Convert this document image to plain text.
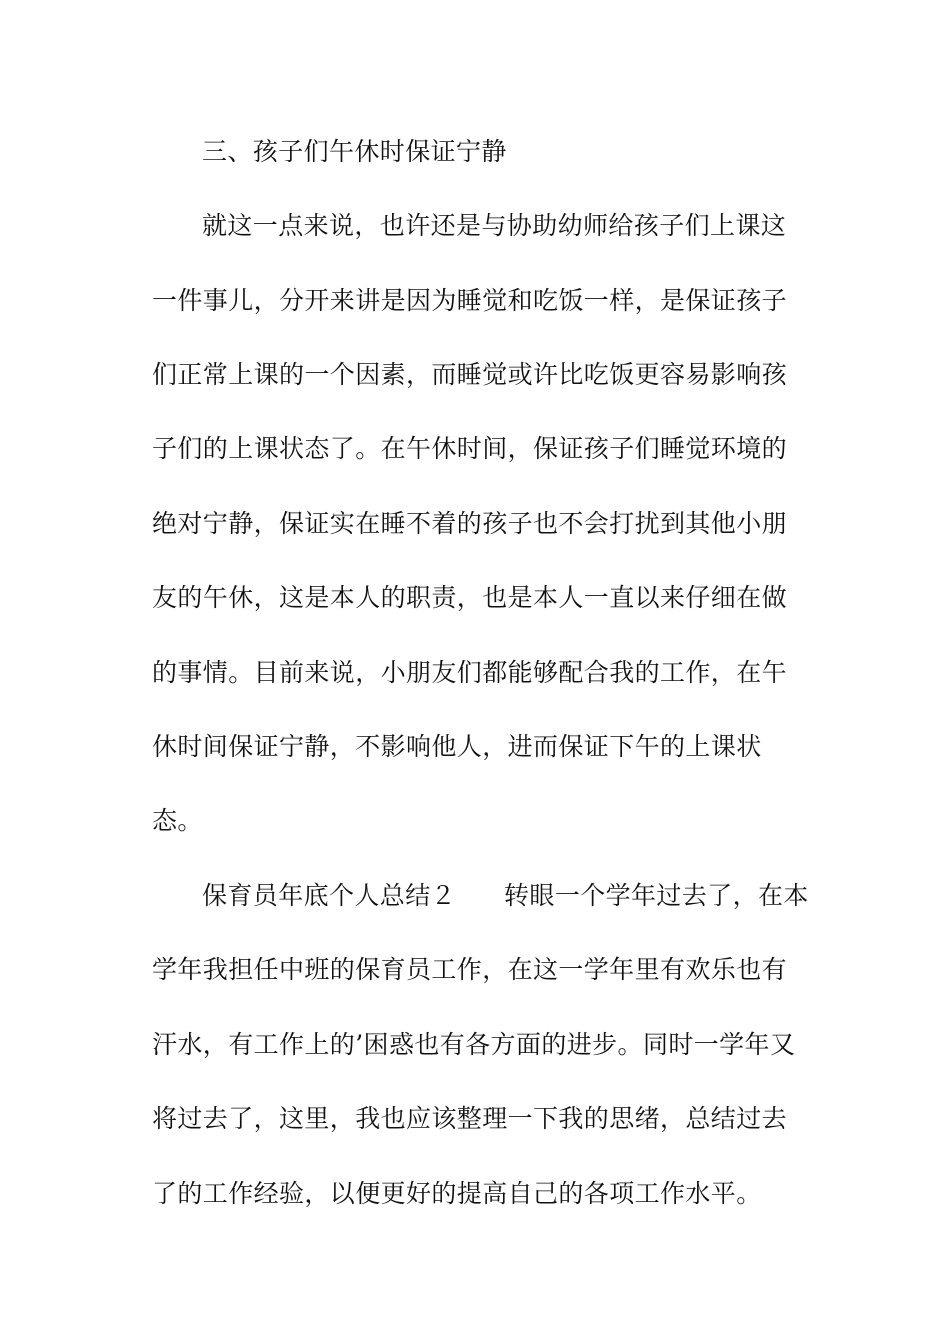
三、孩子们午休时保证宁静
就这一点来说，也许还是与协助幼师给孩子们上课这
一件事儿，分开来讲是因为睡觉和吃饭一样，是保证孩子
们正常上课的一个因素，而睡觉或许比吃饭更容易影响孩
子们的上课状态了。在午休时间，保证孩子们睡觉环境的
绝对宁静，保证实在睡不着的孩子也不会打扰到其他小朋
友的午休，这是本人的职责，也是本人一直以来仔细在做
的事情。目前来说，小朋友们都能够配合我的工作，在午
休时间保证宁静，不影响他人，进而保证下午的上课状
态。
保育员年底个人总结２ 转眼一个学年过去了，在本
学年我担任中班的保育员工作，在这一学年里有欢乐也有
汗水，有工作上的’困惑也有各方面的进步。同时一学年又
将过去了，这里，我也应该整理一下我的思绪，总结过去
了的工作经验，以便更好的提高自己的各项工作水平。
